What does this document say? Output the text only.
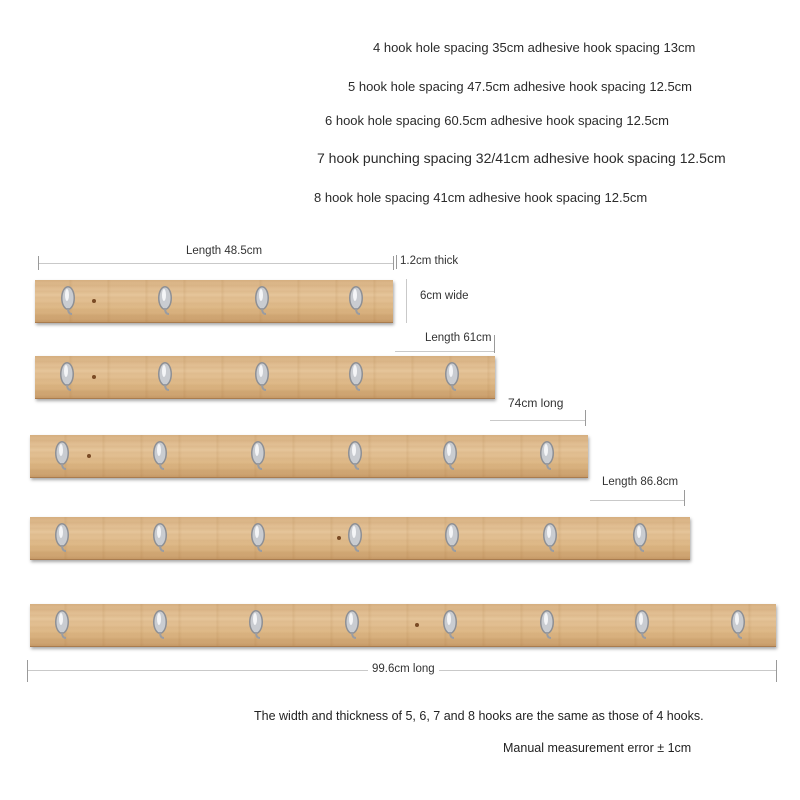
4 hook hole spacing 35cm adhesive hook spacing 13cm
5 hook hole spacing 47.5cm adhesive hook spacing 12.5cm
6 hook hole spacing 60.5cm adhesive hook spacing 12.5cm
7 hook punching spacing 32/41cm adhesive hook spacing 12.5cm
8 hook hole spacing 41cm adhesive hook spacing 12.5cm
Length 48.5cm
1.2cm thick
6cm wide
Length 61cm
74cm long
Length 86.8cm
99.6cm long
The width and thickness of 5, 6, 7 and 8 hooks are the same as those of 4 hooks.
Manual measurement error ± 1cm
